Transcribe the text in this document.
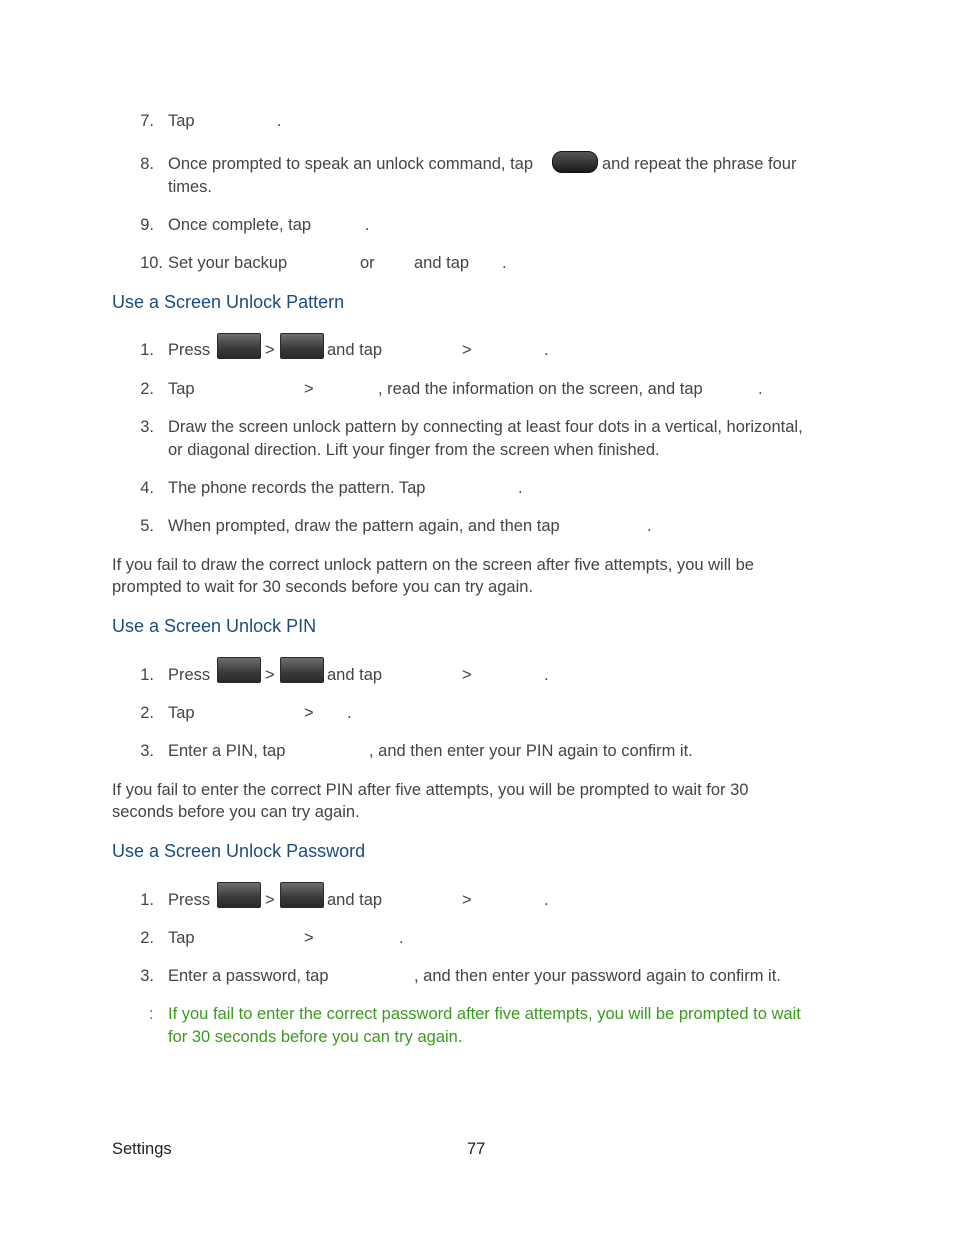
7. Tap	.
8. Once prompted to speak an unlock command, tap	and repeat the phrase four
times.
9. Once complete, tap	.
10. Set your backup	or and tap .
Use a Screen Unlock Pattern
1. Press	>	and tap	>	.
2. Tap	>	, read the information on the screen, and tap	.
3. Draw the screen unlock pattern by connecting at least four dots in a vertical, horizontal,
or diagonal direction. Lift your finger from the screen when finished.
4. The phone records the pattern. Tap	.
5. When prompted, draw the pattern again, and then tap	.
If you fail to draw the correct unlock pattern on the screen after five attempts, you will be
prompted to wait for 30 seconds before you can try again.
Use a Screen Unlock PIN
1. Press	>	and tap	>	.
2. Tap	> .
3. Enter a PIN, tap	, and then enter your PIN again to confirm it.
If you fail to enter the correct PIN after five attempts, you will be prompted to wait for 30
seconds before you can try again.
Use a Screen Unlock Password
1. Press	>	and tap	>	.
2. Tap	>	.
3. Enter a password, tap	, and then enter your password again to confirm it.
: If you fail to enter the correct password after five attempts, you will be prompted to wait
for 30 seconds before you can try again.
Settings	77
